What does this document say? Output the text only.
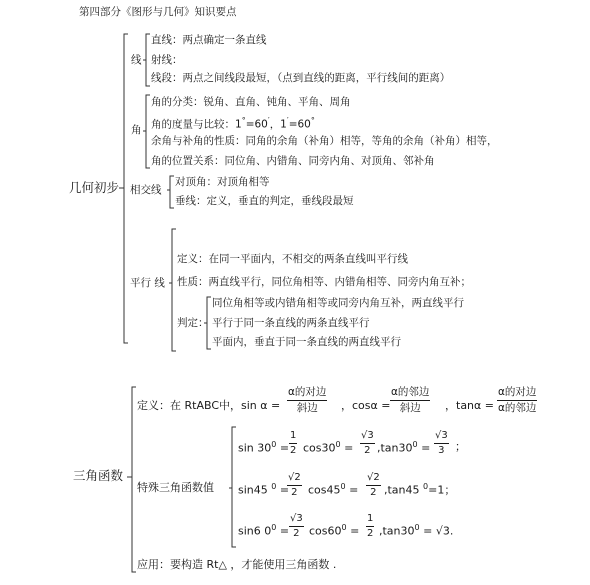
第四部分《图形与几何》知识要点
几何初步
线
直线：两点确定一条直线
射线：
线段：两点之间线段最短，（点到直线的距离，平行线间的距离）
角
角的分类：锐角、直角、钝角、平角、周角
角的度量与比较：1°=60′，1′=60°
余角与补角的性质：同角的余角（补角）相等，等角的余角（补角）相等，
角的位置关系：同位角、内错角、同旁内角、对顶角、邻补角
相交线
对顶角：对顶角相等
垂线：定义，垂直的判定，垂线段最短
平行 线
定义：在同一平面内，不相交的两条直线叫平行线
性质：两直线平行，同位角相等、内错角相等、同旁内角互补；
判定：
同位角相等或内错角相等或同旁内角互补，两直线平行
平行于同一条直线的两条直线平行
平面内，垂直于同一条直线的两直线平行
三角函数
定义：在 RtABC中，sin α =
α的对边
斜边 ，cosα =
α的邻边
斜边 ，tanα =
α的对边
α的邻边
特殊三角函数值
$\sin 30^0 = \frac{1}{2} \cos 30^0 = \frac{√3}{2} ,\tan 30^0 = \frac{√3}{3}$ ；
sin45 $^0$ =
$\frac{√2}{2} \cos 45^0 = \frac{√2}{2} ,\tan 45$ $^0$=1；
sin6 $0^0 = \frac{√3}{2} \cos 60^0 = \frac{1}{2} ,\tan 30^0 = √3$.
应用：要构造 Rt△ ，才能使用三角函数 .
